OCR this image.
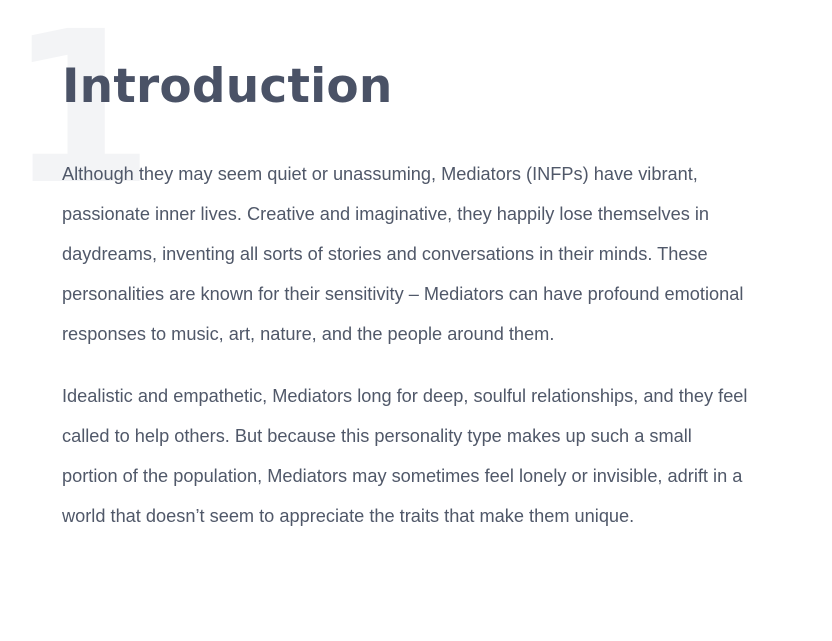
1
Introduction

Although they may seem quiet or unassuming, Mediators (INFPs) have vibrant, passionate inner lives. Creative and imaginative, they happily lose themselves in daydreams, inventing all sorts of stories and conversations in their minds. These personalities are known for their sensitivity – Mediators can have profound emotional responses to music, art, nature, and the people around them.

Idealistic and empathetic, Mediators long for deep, soulful relationships, and they feel called to help others. But because this personality type makes up such a small portion of the population, Mediators may sometimes feel lonely or invisible, adrift in a world that doesn’t seem to appreciate the traits that make them unique.
